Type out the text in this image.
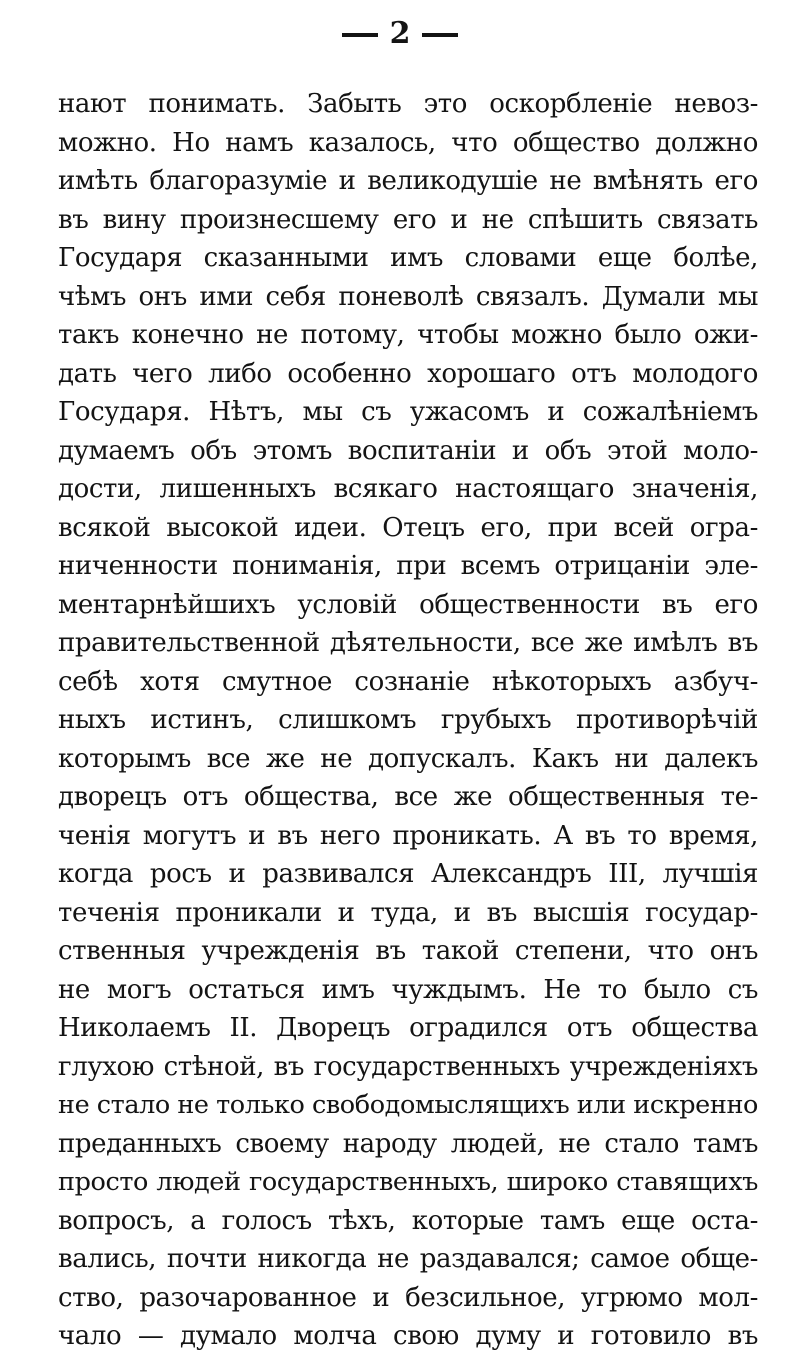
2
нают понимать. Забыть это оскорбленіе невоз-
можно. Но намъ казалось, что общество должно
имѣть благоразуміе и великодушіе не вмѣнять его
въ вину произнесшему его и не спѣшить связать
Государя сказанными имъ словами еще болѣе,
чѣмъ онъ ими себя поневолѣ связалъ. Думали мы
такъ конечно не потому, чтобы можно было ожи-
дать чего либо особенно хорошаго отъ молодого
Государя. Нѣтъ, мы съ ужасомъ и сожалѣніемъ
думаемъ объ этомъ воспитаніи и объ этой моло-
дости, лишенныхъ всякаго настоящаго значенія,
всякой высокой идеи. Отецъ его, при всей огра-
ниченности пониманія, при всемъ отрицаніи эле-
ментарнѣйшихъ условій общественности въ его
правительственной дѣятельности, все же имѣлъ въ
себѣ хотя смутное сознаніе нѣкоторыхъ азбуч-
ныхъ истинъ, слишкомъ грубыхъ противорѣчій
которымъ все же не допускалъ. Какъ ни далекъ
дворецъ отъ общества, все же общественныя те-
ченія могутъ и въ него проникать. А въ то время,
когда росъ и развивался Александръ III, лучшія
теченія проникали и туда, и въ высшія государ-
ственныя учрежденія въ такой степени, что онъ
не могъ остаться имъ чуждымъ. Не то было съ
Николаемъ II. Дворецъ оградился отъ общества
глухою стѣной, въ государственныхъ учрежденіяхъ
не стало не только свободомыслящихъ или искренно
преданныхъ своему народу людей, не стало тамъ
просто людей государственныхъ, широко ставящихъ
вопросъ, а голосъ тѣхъ, которые тамъ еще оста-
вались, почти никогда не раздавался; самое обще-
ство, разочарованное и безсильное, угрюмо мол-
чало — думало молча свою думу и готовило въ
